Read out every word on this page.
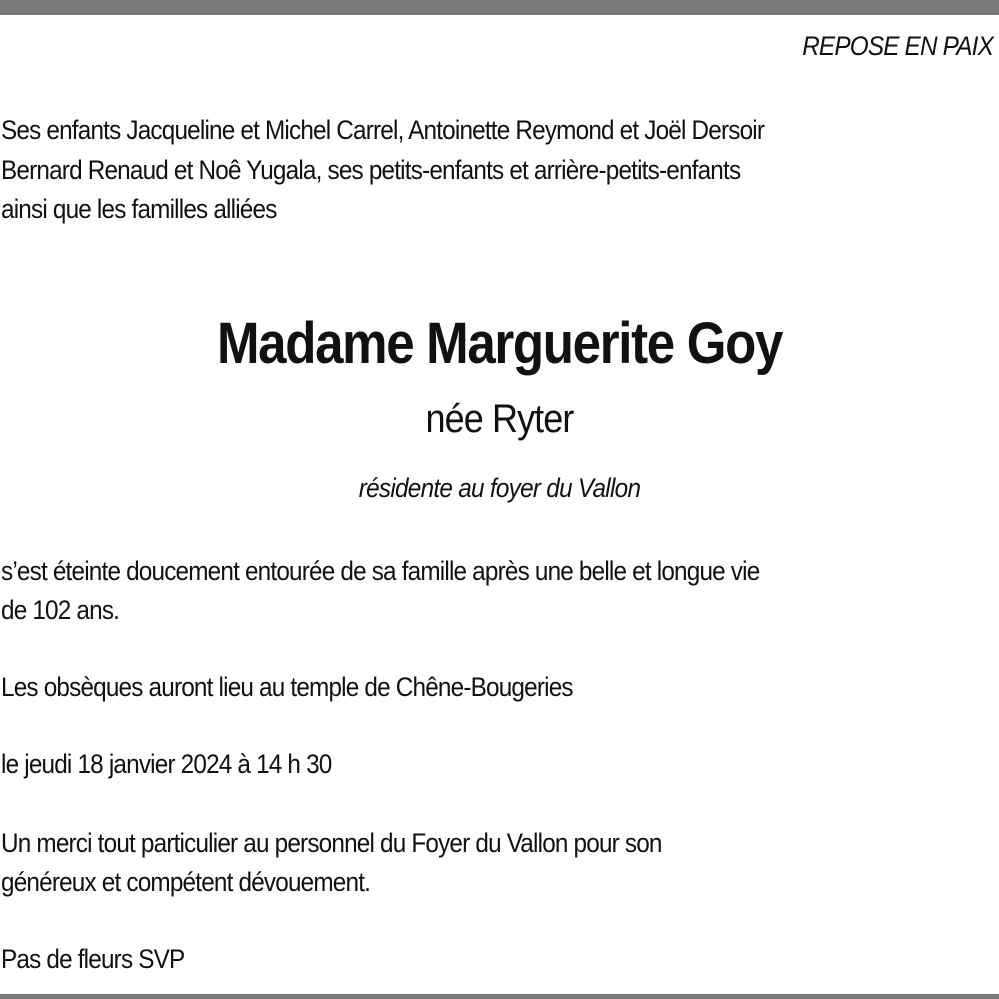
REPOSE EN PAIX
Ses enfants Jacqueline et Michel Carrel, Antoinette Reymond et Joël Dersoir
Bernard Renaud et Noê Yugala, ses petits-enfants et arrière-petits-enfants
ainsi que les familles alliées
Madame Marguerite Goy
née Ryter
résidente au foyer du Vallon
s’est éteinte doucement entourée de sa famille après une belle et longue vie
de 102 ans.
Les obsèques auront lieu au temple de Chêne-Bougeries
le jeudi 18 janvier 2024 à 14 h 30
Un merci tout particulier au personnel du Foyer du Vallon pour son
généreux et compétent dévouement.
Pas de fleurs SVP
